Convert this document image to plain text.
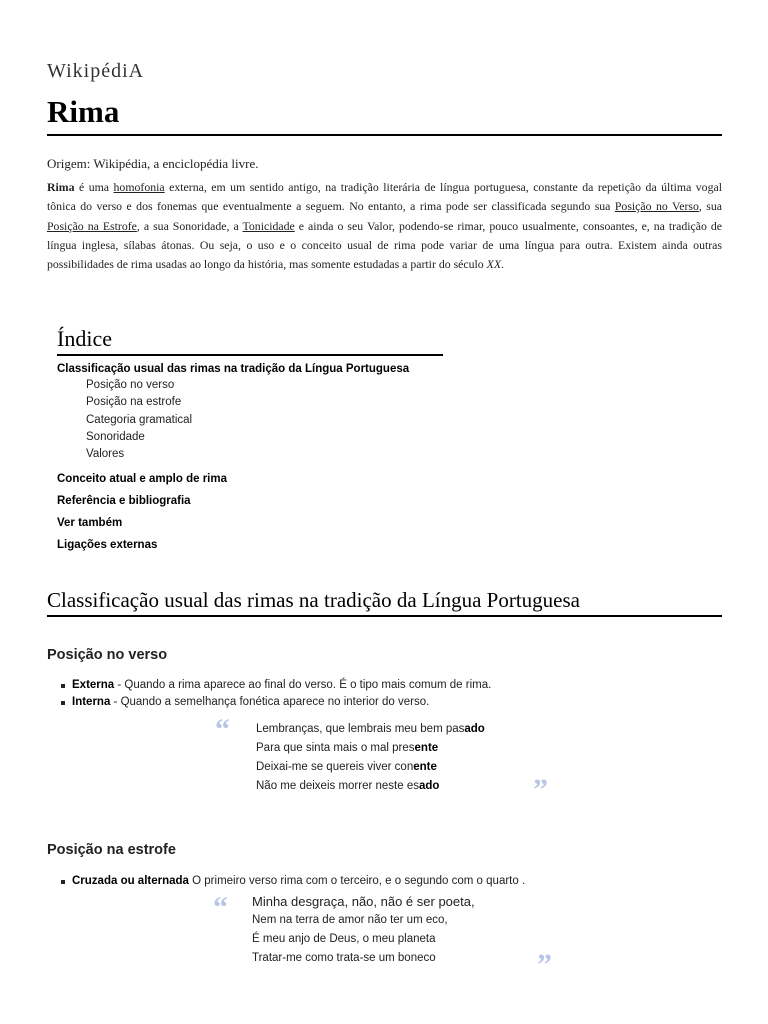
WikipédiA
Rima
Origem: Wikipédia, a enciclopédia livre.
Rima é uma homofonia externa, em um sentido antigo, na tradição literária de língua portuguesa, constante da repetição da última vogal tônica do verso e dos fonemas que eventualmente a seguem. No entanto, a rima pode ser classificada segundo sua Posição no Verso, sua Posição na Estrofe, a sua Sonoridade, a Tonicidade e ainda o seu Valor, podendo-se rimar, pouco usualmente, consoantes, e, na tradição de língua inglesa, sílabas átonas. Ou seja, o uso e o conceito usual de rima pode variar de uma língua para outra. Existem ainda outras possibilidades de rima usadas ao longo da história, mas somente estudadas a partir do século XX.
Índice
Classificação usual das rimas na tradição da Língua Portuguesa
Posição no verso
Posição na estrofe
Categoria gramatical
Sonoridade
Valores
Conceito atual e amplo de rima
Referência e bibliografia
Ver também
Ligações externas
Classificação usual das rimas na tradição da Língua Portuguesa
Posição no verso
Externa - Quando a rima aparece ao final do verso. É o tipo mais comum de rima.
Interna - Quando a semelhança fonética aparece no interior do verso.
“ Lembranças, que lembrais meu bem pasado
Para que sinta mais o mal presente
Deixai-me se quereis viver conente
Não me deixeis morrer neste esado	”
Posição na estrofe
Cruzada ou alternada O primeiro verso rima com o terceiro, e o segundo com o quarto .
“ Minha desgraça, não, não é ser poeta,
Nem na terra de amor não ter um eco,
É meu anjo de Deus, o meu planeta
Tratar-me como trata-se um boneco	”
